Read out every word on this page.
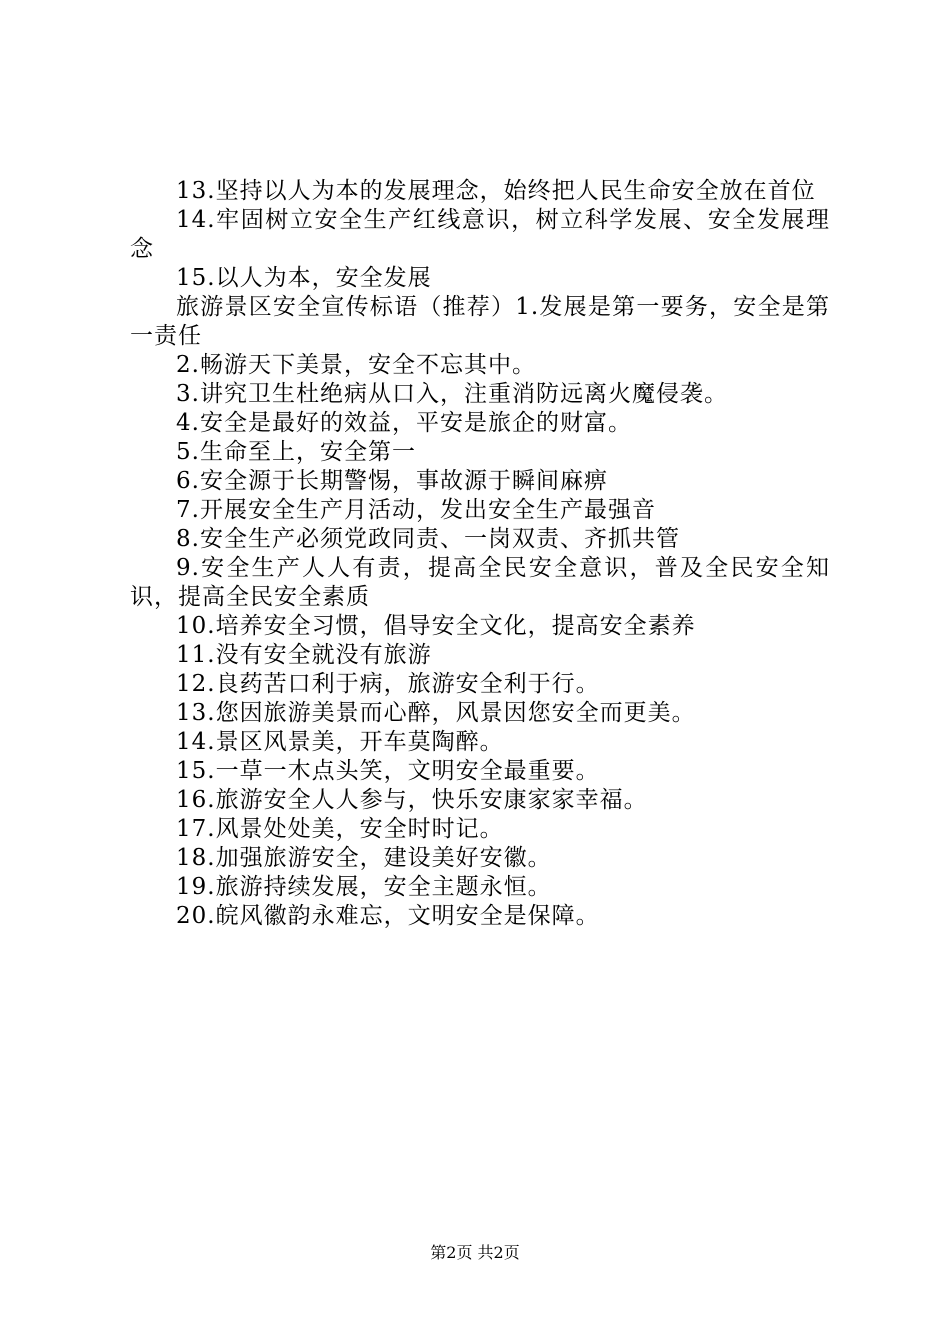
13.坚持以人为本的发展理念，始终把人民生命安全放在首位

14.牢固树立安全生产红线意识，树立科学发展、安全发展理念

15.以人为本，安全发展

旅游景区安全宣传标语（推荐）1.发展是第一要务，安全是第一责任

2.畅游天下美景，安全不忘其中。

3.讲究卫生杜绝病从口入，注重消防远离火魔侵袭。

4.安全是最好的效益，平安是旅企的财富。

5.生命至上，安全第一

6.安全源于长期警惕，事故源于瞬间麻痹

7.开展安全生产月活动，发出安全生产最强音

8.安全生产必须党政同责、一岗双责、齐抓共管

9.安全生产人人有责，提高全民安全意识，普及全民安全知识，提高全民安全素质

10.培养安全习惯，倡导安全文化，提高安全素养

11.没有安全就没有旅游

12.良药苦口利于病，旅游安全利于行。

13.您因旅游美景而心醉，风景因您安全而更美。

14.景区风景美，开车莫陶醉。

15.一草一木点头笑，文明安全最重要。

16.旅游安全人人参与，快乐安康家家幸福。

17.风景处处美，安全时时记。

18.加强旅游安全，建设美好安徽。

19.旅游持续发展，安全主题永恒。

20.皖风徽韵永难忘，文明安全是保障。

第2页 共2页
